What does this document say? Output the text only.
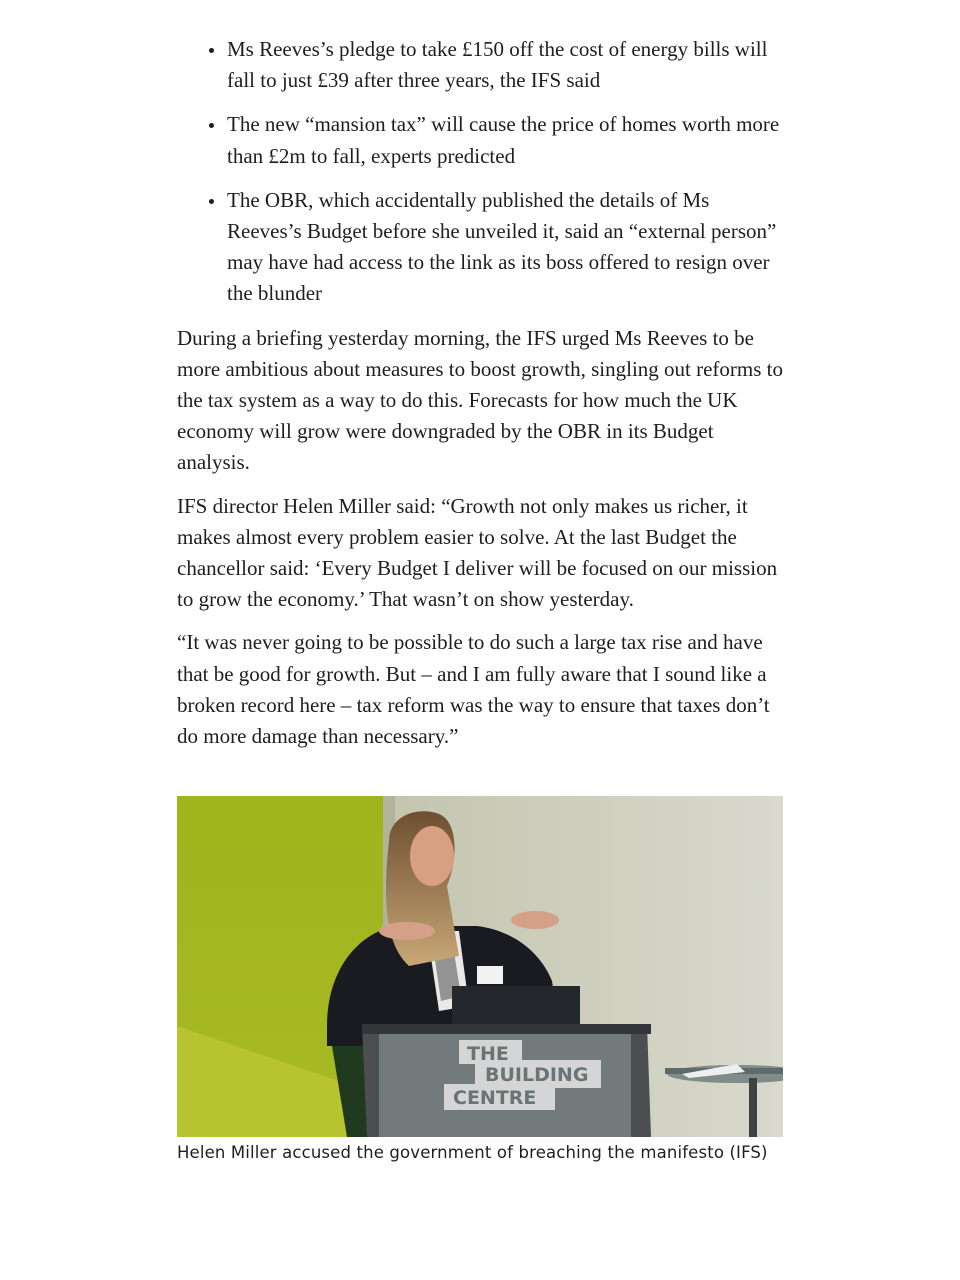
Ms Reeves’s pledge to take £150 off the cost of energy bills will fall to just £39 after three years, the IFS said
The new “mansion tax” will cause the price of homes worth more than £2m to fall, experts predicted
The OBR, which accidentally published the details of Ms Reeves’s Budget before she unveiled it, said an “external person” may have had access to the link as its boss offered to resign over the blunder

During a briefing yesterday morning, the IFS urged Ms Reeves to be more ambitious about measures to boost growth, singling out reforms to the tax system as a way to do this. Forecasts for how much the UK economy will grow were downgraded by the OBR in its Budget analysis.

IFS director Helen Miller said: “Growth not only makes us richer, it makes almost every problem easier to solve. At the last Budget the chancellor said: ‘Every Budget I deliver will be focused on our mission to grow the economy.’ That wasn’t on show yesterday.

“It was never going to be possible to do such a large tax rise and have that be good for growth. But – and I am fully aware that I sound like a broken record here – tax reform was the way to ensure that taxes don’t do more damage than necessary.”

THE
BUILDING
CENTRE
Helen Miller accused the government of breaching the manifesto (IFS)
